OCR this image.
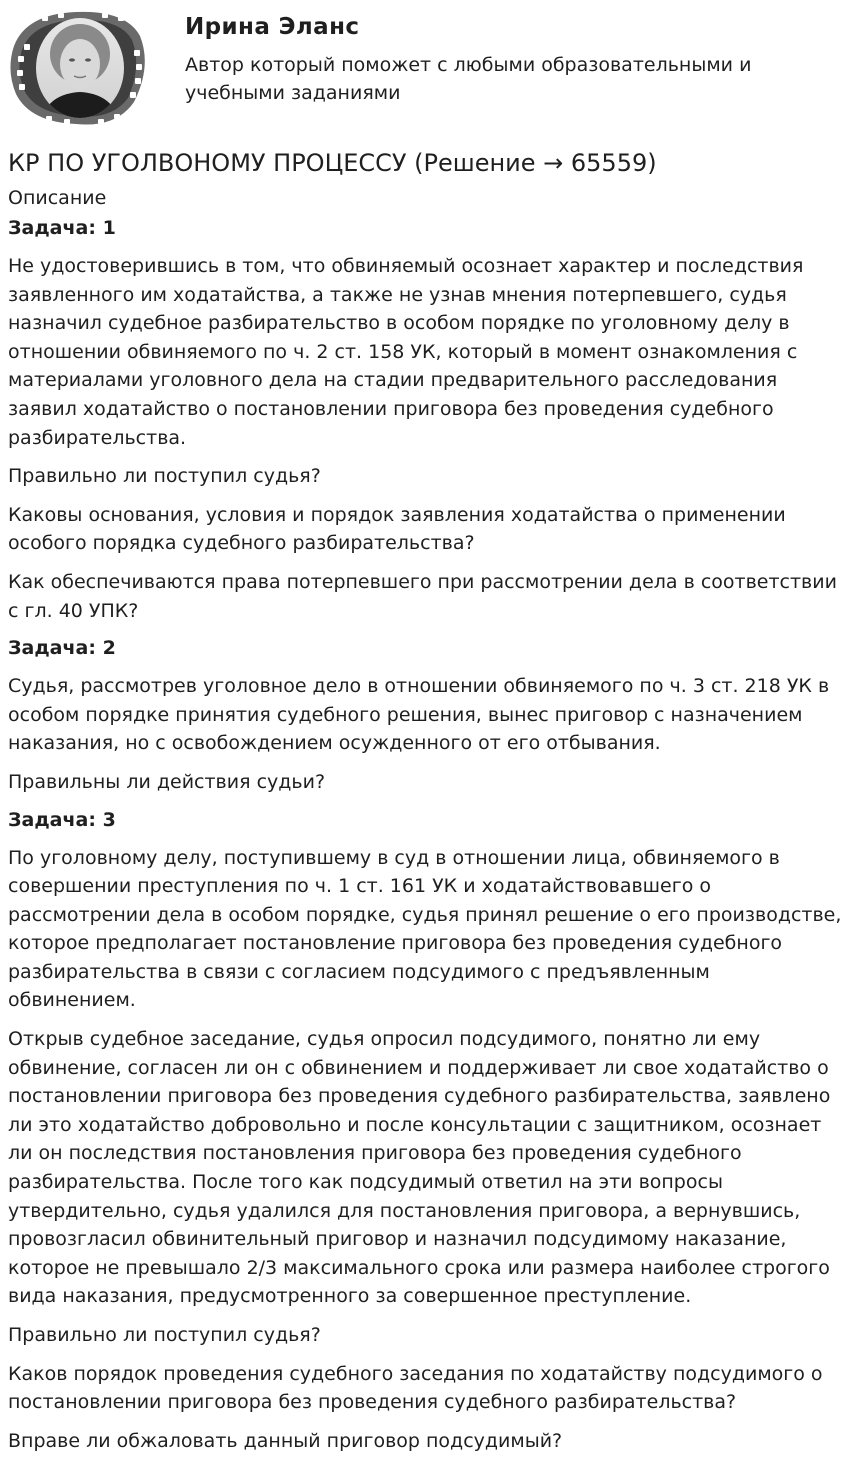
Ирина Эланс

Автор который поможет с любыми образовательными и учебными заданиями

КР ПО УГОЛВОНОМУ ПРОЦЕССУ (Решение → 65559)
Описание
Задача: 1

Не удостоверившись в том, что обвиняемый осознает характер и последствия заявленного им ходатайства, а также не узнав мнения потерпевшего, судья назначил судебное разбирательство в особом порядке по уголовному делу в отношении обвиняемого по ч. 2 ст. 158 УК, который в момент ознакомления с материалами уголовного дела на стадии предварительного расследования заявил ходатайство о постановлении приговора без проведения судебного разбирательства.

Правильно ли поступил судья?

Каковы основания, условия и порядок заявления ходатайства о применении особого порядка судебного разбирательства?

Как обеспечиваются права потерпевшего при рассмотрении дела в соответствии с гл. 40 УПК?

Задача: 2

Судья, рассмотрев уголовное дело в отношении обвиняемого по ч. 3 ст. 218 УК в особом порядке принятия судебного решения, вынес приговор с назначением наказания, но с освобождением осужденного от его отбывания.

Правильны ли действия судьи?

Задача: 3

По уголовному делу, поступившему в суд в отношении лица, обвиняемого в совершении преступления по ч. 1 ст. 161 УК и ходатайствовавшего о рассмотрении дела в особом порядке, судья принял решение о его производстве, которое предполагает постановление приговора без проведения судебного разбирательства в связи с согласием подсудимого с предъявленным обвинением.

Открыв судебное заседание, судья опросил подсудимого, понятно ли ему обвинение, согласен ли он с обвинением и поддерживает ли свое ходатайство о постановлении приговора без проведения судебного разбирательства, заявлено ли это ходатайство добровольно и после консультации с защитником, осознает ли он последствия постановления приговора без проведения судебного разбирательства. После того как подсудимый ответил на эти вопросы утвердительно, судья удалился для постановления приговора, а вернувшись, провозгласил обвинительный приговор и назначил подсудимому наказание, которое не превышало 2/3 максимального срока или размера наиболее строгого вида наказания, предусмотренного за совершенное преступление.

Правильно ли поступил судья?

Каков порядок проведения судебного заседания по ходатайству подсудимого о постановлении приговора без проведения судебного разбирательства?

Вправе ли обжаловать данный приговор подсудимый?
